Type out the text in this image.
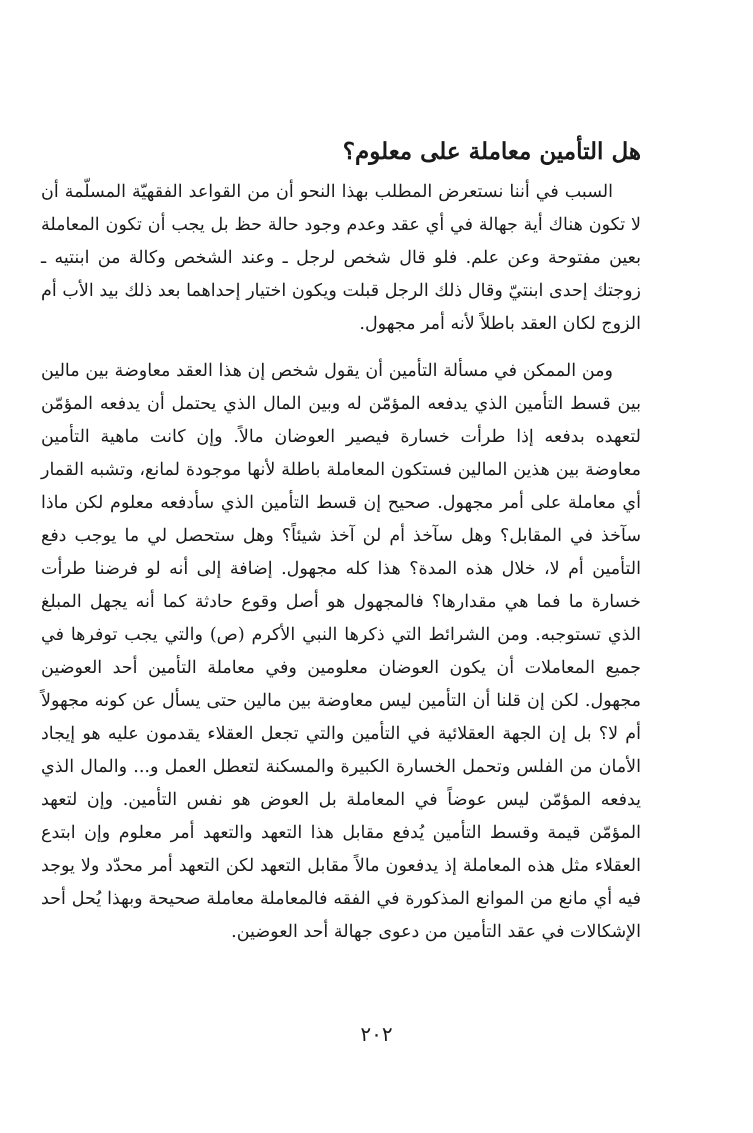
هل التأمين معاملة على معلوم؟

السبب في أننا نستعرض المطلب بهذا النحو أن من القواعد الفقهيّة المسلّمة أن لا تكون هناك أية جهالة في أي عقد وعدم وجود حالة حظ بل يجب أن تكون المعاملة بعين مفتوحة وعن علم. فلو قال شخص لرجل ـ وعند الشخص وكالة من ابنتيه ـ زوجتك إحدى ابنتيّ وقال ذلك الرجل قبلت ويكون اختيار إحداهما بعد ذلك بيد الأب أم الزوج لكان العقد باطلاً لأنه أمر مجهول.

ومن الممكن في مسألة التأمين أن يقول شخص إن هذا العقد معاوضة بين مالين بين قسط التأمين الذي يدفعه المؤمّن له وبين المال الذي يحتمل أن يدفعه المؤمّن لتعهده بدفعه إذا طرأت خسارة فيصير العوضان مالاً. وإن كانت ماهية التأمين معاوضة بين هذين المالين فستكون المعاملة باطلة لأنها موجودة لمانع، وتشبه القمار أي معاملة على أمر مجهول. صحيح إن قسط التأمين الذي سأدفعه معلوم لكن ماذا سآخذ في المقابل؟ وهل سآخذ أم لن آخذ شيئاً؟ وهل ستحصل لي ما يوجب دفع التأمين أم لا، خلال هذه المدة؟ هذا كله مجهول. إضافة إلى أنه لو فرضنا طرأت خسارة ما فما هي مقدارها؟ فالمجهول هو أصل وقوع حادثة كما أنه يجهل المبلغ الذي تستوجبه. ومن الشرائط التي ذكرها النبي الأكرم (ص) والتي يجب توفرها في جميع المعاملات أن يكون العوضان معلومين وفي معاملة التأمين أحد العوضين مجهول. لكن إن قلنا أن التأمين ليس معاوضة بين مالين حتى يسأل عن كونه مجهولاً أم لا؟ بل إن الجهة العقلائية في التأمين والتي تجعل العقلاء يقدمون عليه هو إيجاد الأمان من الفلس وتحمل الخسارة الكبيرة والمسكنة لتعطل العمل و... والمال الذي يدفعه المؤمّن ليس عوضاً في المعاملة بل العوض هو نفس التأمين. وإن لتعهد المؤمّن قيمة وقسط التأمين يُدفع مقابل هذا التعهد والتعهد أمر معلوم وإن ابتدع العقلاء مثل هذه المعاملة إذ يدفعون مالاً مقابل التعهد لكن التعهد أمر محدّد ولا يوجد فيه أي مانع من الموانع المذكورة في الفقه فالمعاملة معاملة صحيحة وبهذا يُحل أحد الإشكالات في عقد التأمين من دعوى جهالة أحد العوضين.

٢٠٢
